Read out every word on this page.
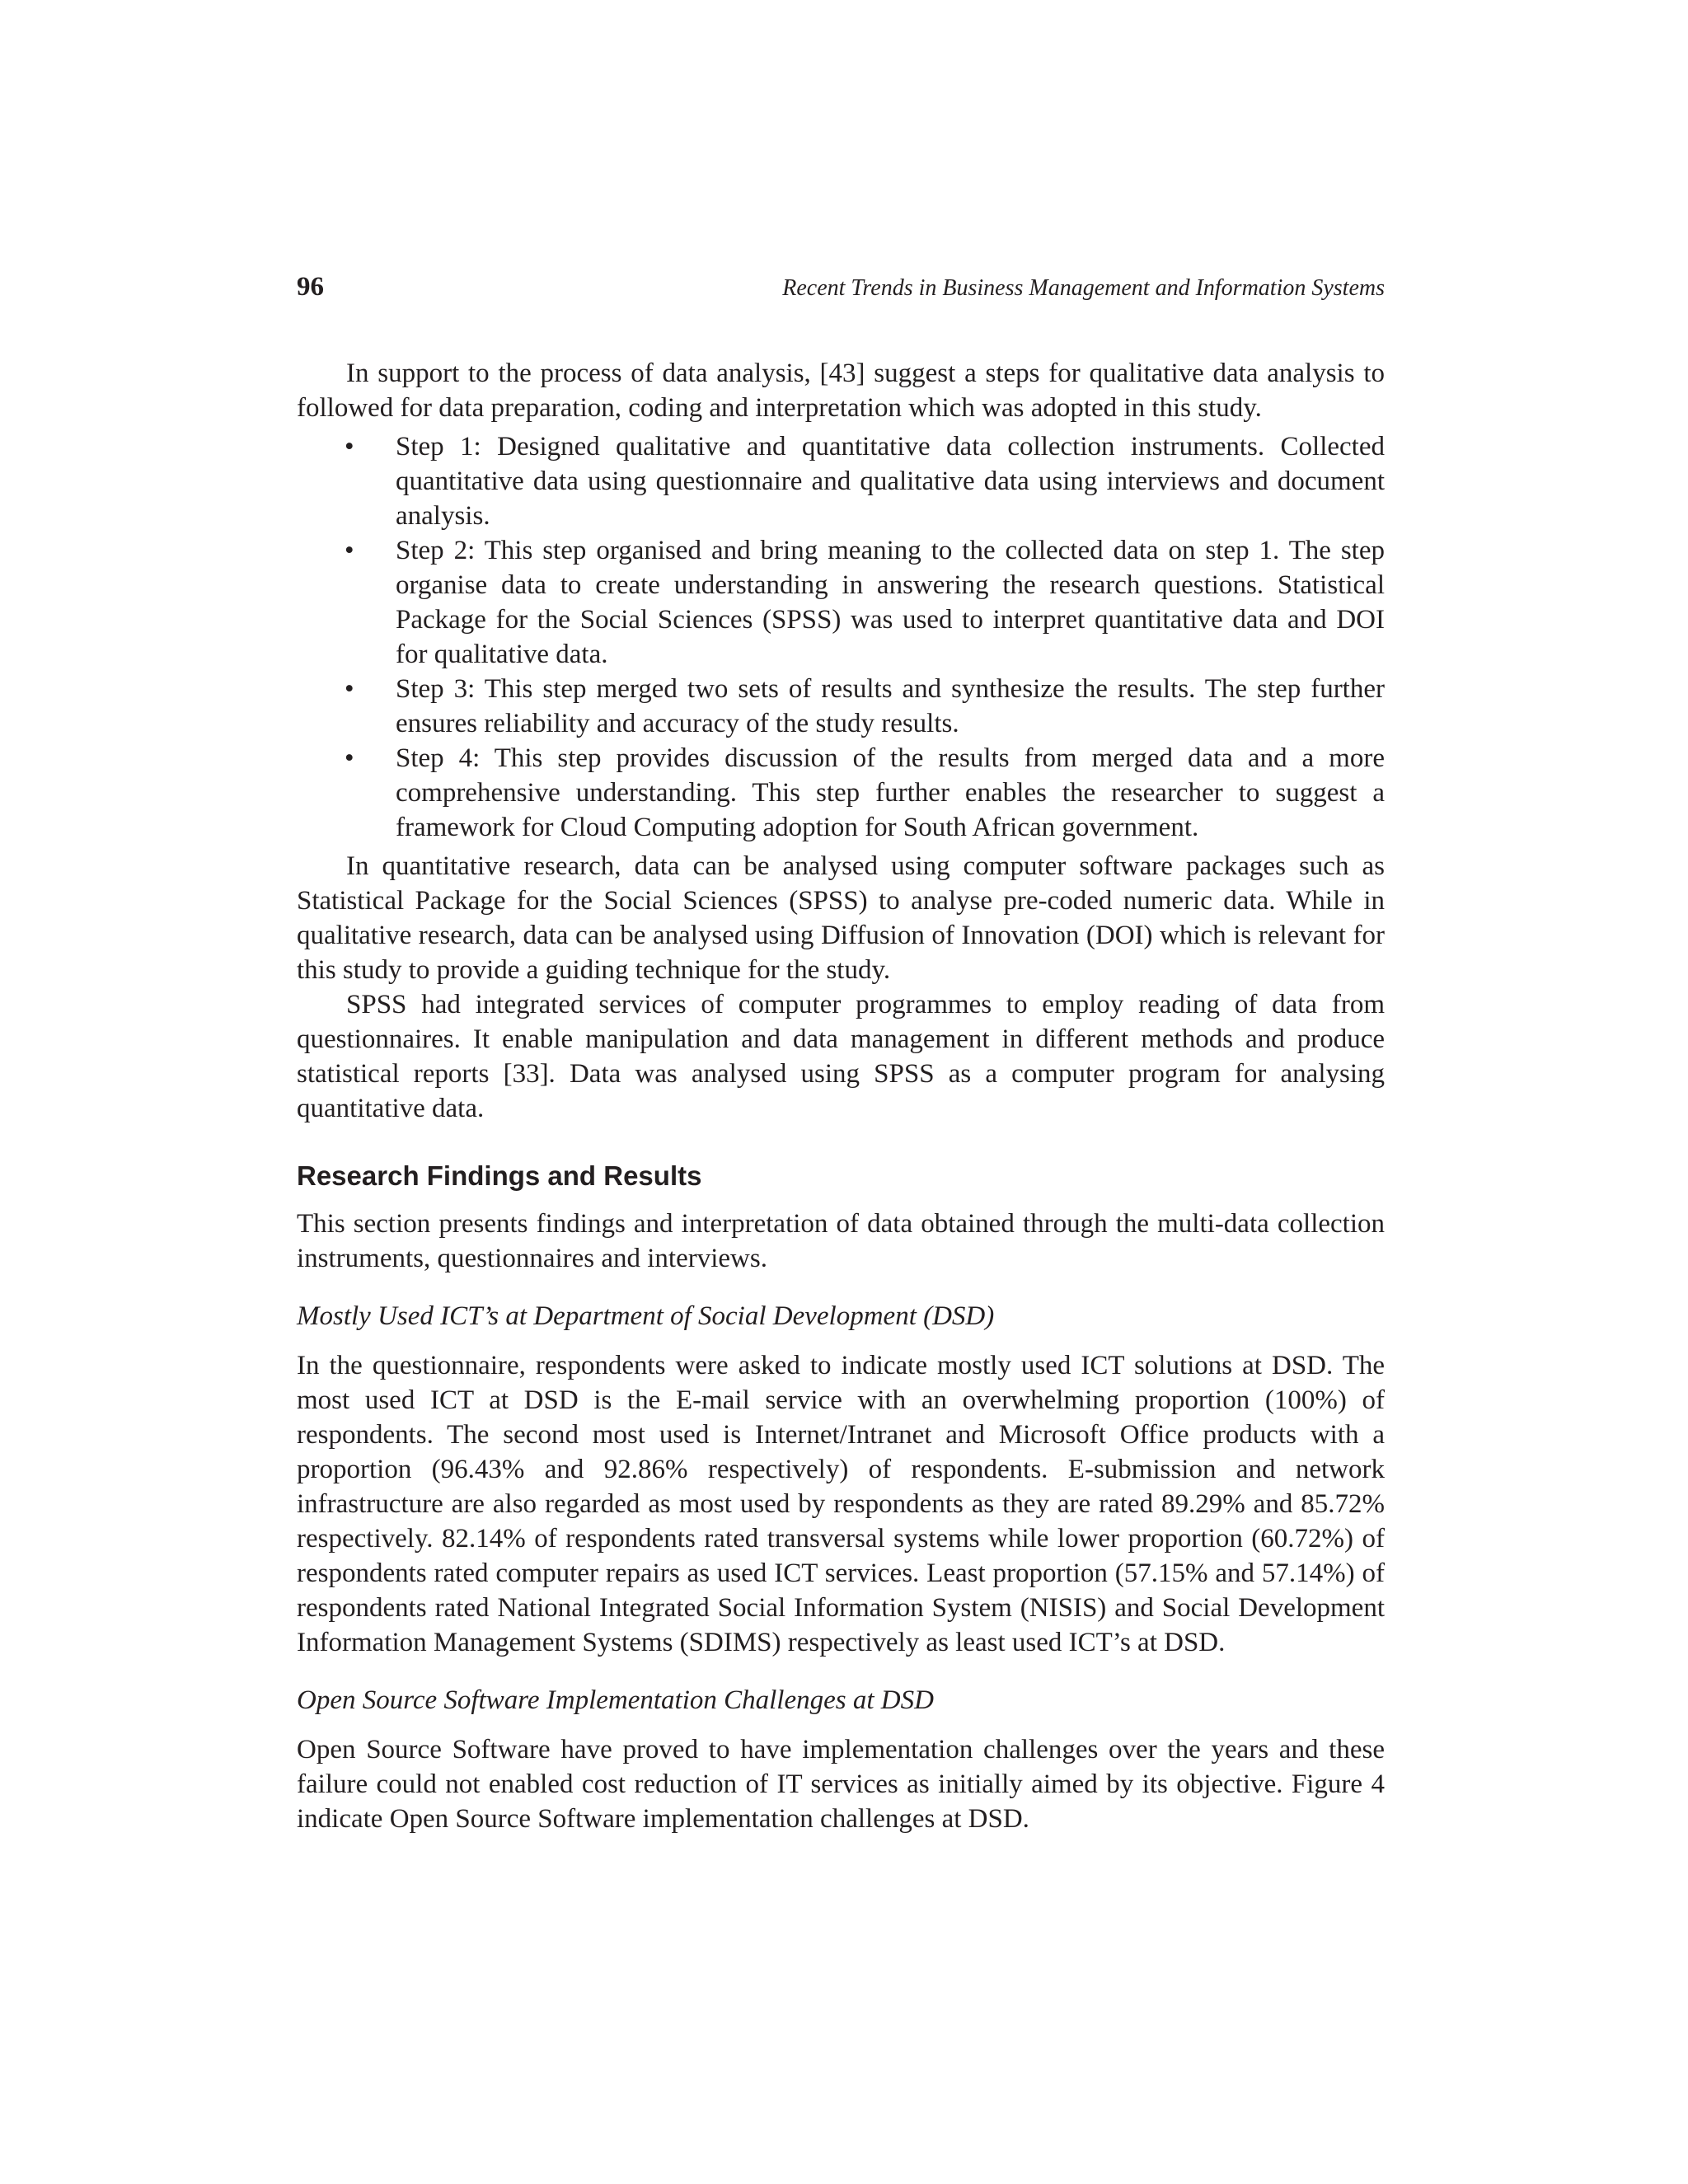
96	Recent Trends in Business Management and Information Systems

In support to the process of data analysis, [43] suggest a steps for qualitative data analysis to followed for data preparation, coding and interpretation which was adopted in this study.

• Step 1: Designed qualitative and quantitative data collection instruments. Collected quantitative data using questionnaire and qualitative data using interviews and document analysis.
• Step 2: This step organised and bring meaning to the collected data on step 1. The step organise data to create understanding in answering the research questions. Statistical Package for the Social Sciences (SPSS) was used to interpret quantitative data and DOI for qualitative data.
• Step 3: This step merged two sets of results and synthesize the results. The step further ensures reliability and accuracy of the study results.
• Step 4: This step provides discussion of the results from merged data and a more comprehensive understanding. This step further enables the researcher to suggest a framework for Cloud Computing adoption for South African government.

In quantitative research, data can be analysed using computer software packages such as Statistical Package for the Social Sciences (SPSS) to analyse pre-coded numeric data. While in qualitative research, data can be analysed using Diffusion of Innovation (DOI) which is relevant for this study to provide a guiding technique for the study.

SPSS had integrated services of computer programmes to employ reading of data from questionnaires. It enable manipulation and data management in different methods and produce statistical reports [33]. Data was analysed using SPSS as a computer program for analysing quantitative data.

Research Findings and Results

This section presents findings and interpretation of data obtained through the multi-data collection instruments, questionnaires and interviews.

Mostly Used ICT’s at Department of Social Development (DSD)

In the questionnaire, respondents were asked to indicate mostly used ICT solutions at DSD. The most used ICT at DSD is the E-mail service with an overwhelming proportion (100%) of respondents. The second most used is Internet/Intranet and Microsoft Office products with a proportion (96.43% and 92.86% respectively) of respondents. E-submission and network infrastructure are also regarded as most used by respondents as they are rated 89.29% and 85.72% respectively. 82.14% of respondents rated transversal systems while lower proportion (60.72%) of respondents rated computer repairs as used ICT services. Least proportion (57.15% and 57.14%) of respondents rated National Integrated Social Information System (NISIS) and Social Development Information Management Systems (SDIMS) respectively as least used ICT’s at DSD.

Open Source Software Implementation Challenges at DSD

Open Source Software have proved to have implementation challenges over the years and these failure could not enabled cost reduction of IT services as initially aimed by its objective. Figure 4 indicate Open Source Software implementation challenges at DSD.
